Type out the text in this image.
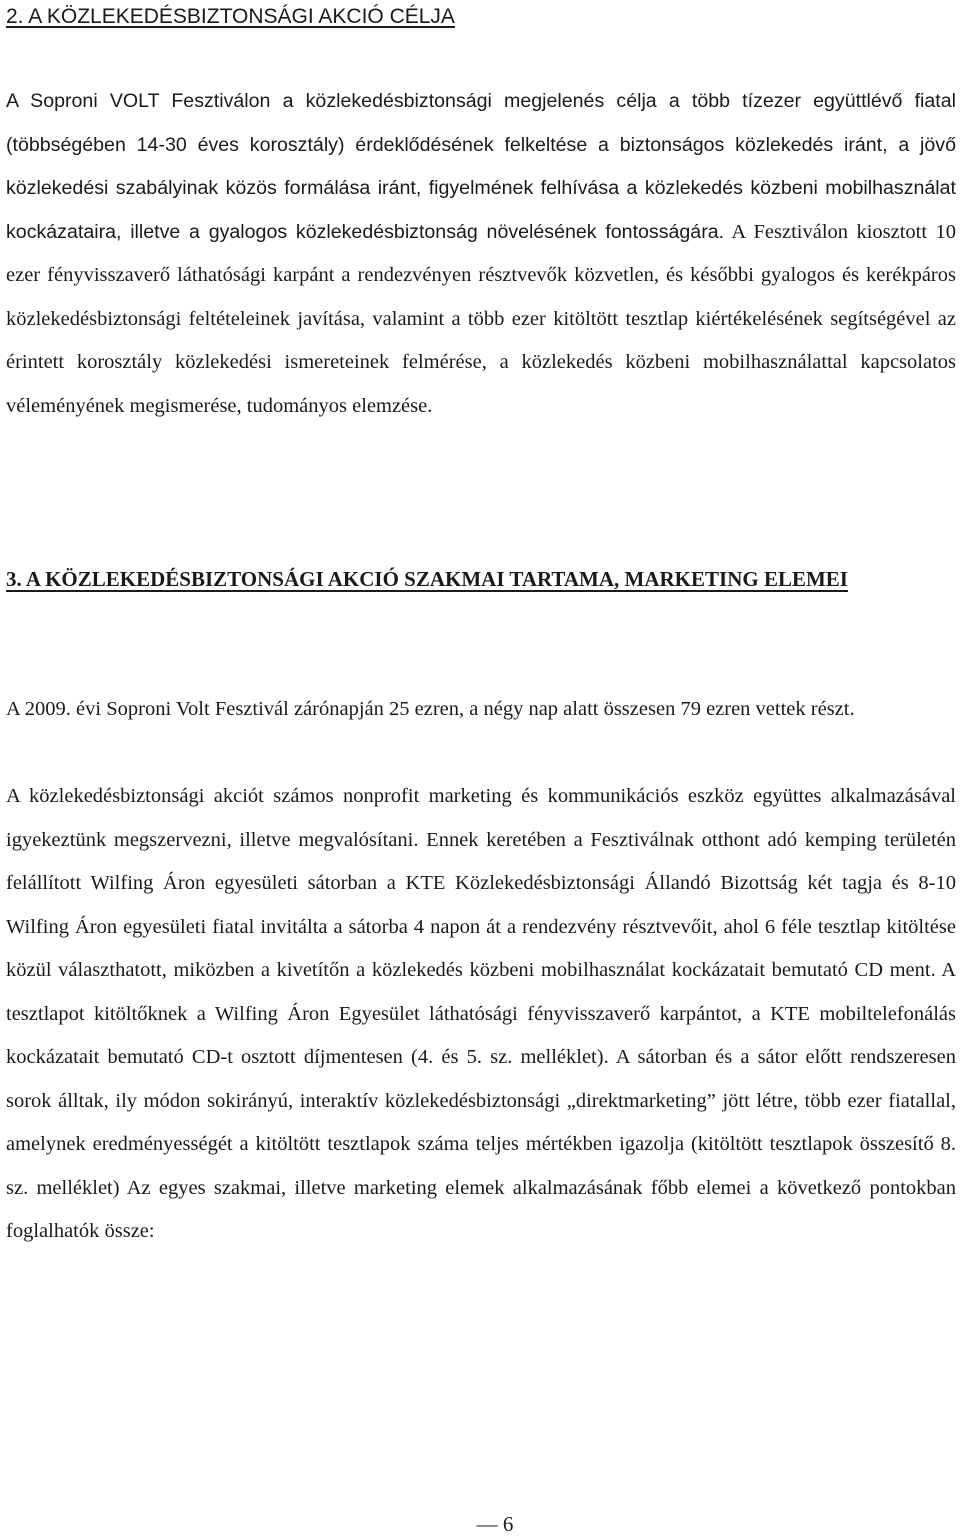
2. A KÖZLEKEDÉSBIZTONSÁGI AKCIÓ CÉLJA

A Soproni VOLT Fesztiválon a közlekedésbiztonsági megjelenés célja a több tízezer együttlévő fiatal (többségében 14-30 éves korosztály) érdeklődésének felkeltése a biztonságos közlekedés iránt, a jövő közlekedési szabályinak közös formálása iránt, figyelmének felhívása a közlekedés közbeni mobilhasználat kockázataira, illetve a gyalogos közlekedésbiztonság növelésének fontosságára. A Fesztiválon kiosztott 10 ezer fényvisszaverő láthatósági karpánt a rendezvényen résztvevők közvetlen, és későbbi gyalogos és kerékpáros közlekedésbiztonsági feltételeinek javítása, valamint a több ezer kitöltött tesztlap kiértékelésének segítségével az érintett korosztály közlekedési ismereteinek felmérése, a közlekedés közbeni mobilhasználattal kapcsolatos véleményének megismerése, tudományos elemzése.

3. A KÖZLEKEDÉSBIZTONSÁGI AKCIÓ SZAKMAI TARTAMA, MARKETING ELEMEI

A 2009. évi Soproni Volt Fesztivál zárónapján 25 ezren, a négy nap alatt összesen 79 ezren vettek részt.

A közlekedésbiztonsági akciót számos nonprofit marketing és kommunikációs eszköz együttes alkalmazásával igyekeztünk megszervezni, illetve megvalósítani. Ennek keretében a Fesztiválnak otthont adó kemping területén felállított Wilfing Áron egyesületi sátorban a KTE Közlekedésbiztonsági Állandó Bizottság két tagja és 8-10 Wilfing Áron egyesületi fiatal invitálta a sátorba 4 napon át a rendezvény résztvevőit, ahol 6 féle tesztlap kitöltése közül választhatott, miközben a kivetítőn a közlekedés közbeni mobilhasználat kockázatait bemutató CD ment. A tesztlapot kitöltőknek a Wilfing Áron Egyesület láthatósági fényvisszaverő karpántot, a KTE mobiltelefonálás kockázatait bemutató CD-t osztott díjmentesen (4. és 5. sz. melléklet). A sátorban és a sátor előtt rendszeresen sorok álltak, ily módon sokirányú, interaktív közlekedésbiztonsági „direktmarketing” jött létre, több ezer fiatallal, amelynek eredményességét a kitöltött tesztlapok száma teljes mértékben igazolja (kitöltött tesztlapok összesítő 8. sz. melléklet) Az egyes szakmai, illetve marketing elemek alkalmazásának főbb elemei a következő pontokban foglalhatók össze:

— 6
